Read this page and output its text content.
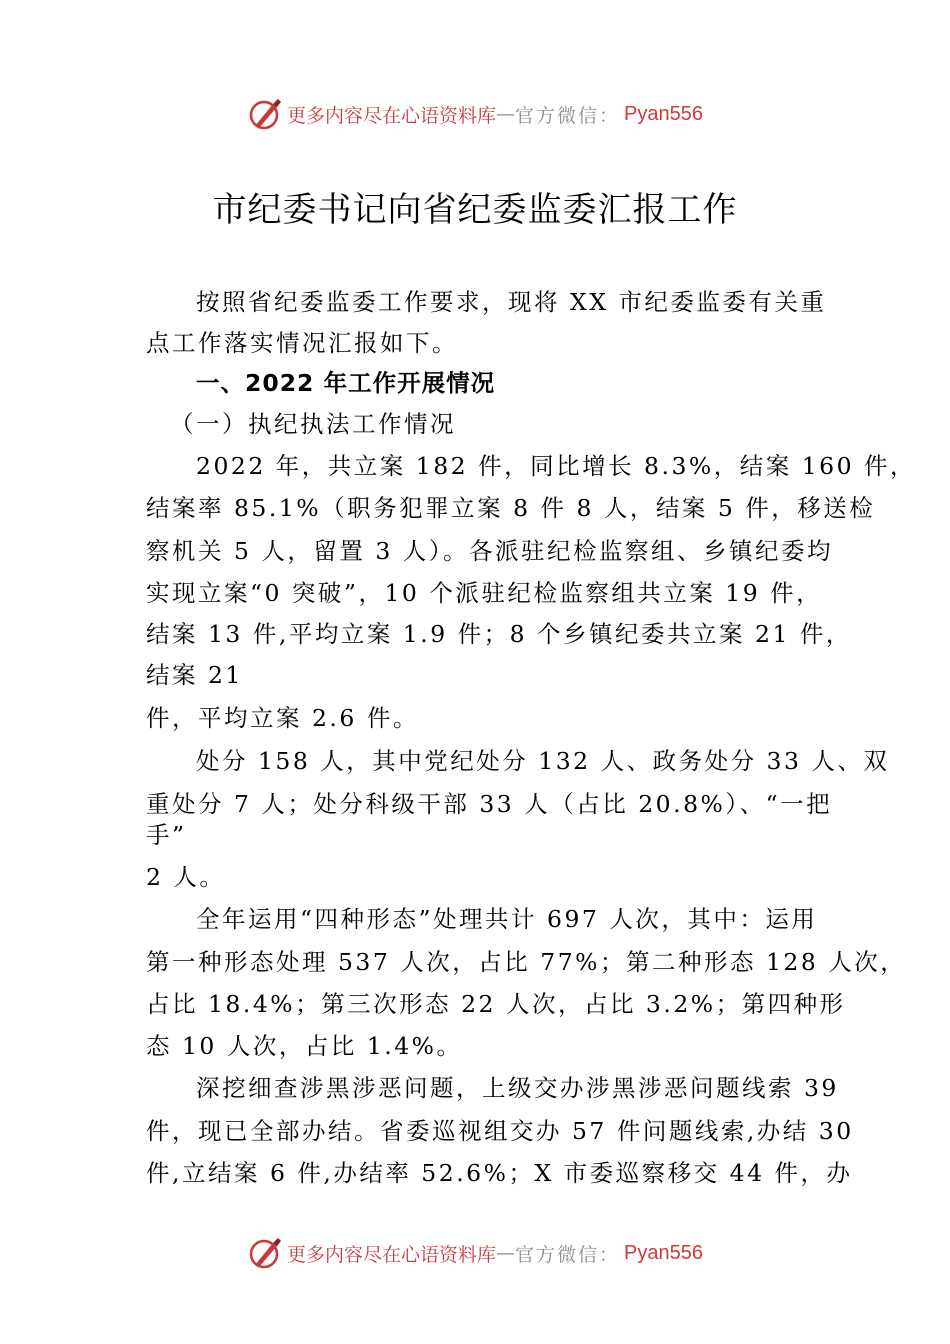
更多内容尽在心语资料库 — 官方微信： Pyan556
市纪委书记向省纪委监委汇报工作
按照省纪委监委工作要求，现将 XX 市纪委监委有关重
点工作落实情况汇报如下。
一、2022 年工作开展情况
（一）执纪执法工作情况
2022 年，共立案 182 件，同比增长 8.3%，结案 160 件，
结案率 85.1%（职务犯罪立案 8 件 8 人，结案 5 件，移送检
察机关 5 人，留置 3 人）。各派驻纪检监察组、乡镇纪委均
实现立案“0 突破”，10 个派驻纪检监察组共立案 19 件，
结案 13 件,平均立案 1.9 件；8 个乡镇纪委共立案 21 件，
结案 21
件，平均立案 2.6 件。
处分 158 人，其中党纪处分 132 人、政务处分 33 人、双
重处分 7 人；处分科级干部 33 人（占比 20.8%）、“一把
手”
2 人。
全年运用“四种形态”处理共计 697 人次，其中：运用
第一种形态处理 537 人次，占比 77%；第二种形态 128 人次，
占比 18.4%；第三次形态 22 人次，占比 3.2%；第四种形
态 10 人次，占比 1.4%。
深挖细查涉黑涉恶问题，上级交办涉黑涉恶问题线索 39
件，现已全部办结。省委巡视组交办 57 件问题线索,办结 30
件,立结案 6 件,办结率 52.6%；X 市委巡察移交 44 件，办
更多内容尽在心语资料库 — 官方微信： Pyan556
